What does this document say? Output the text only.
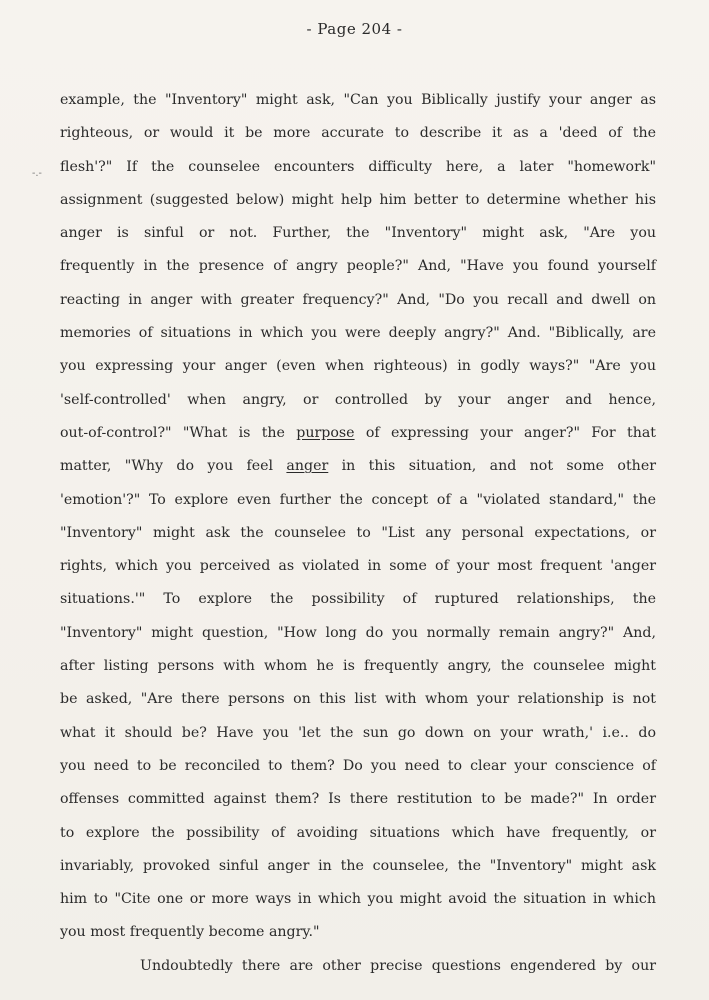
- Page 204 -
-.-
example, the "Inventory" might ask, "Can you Biblically justify your anger as
righteous, or would it be more accurate to describe it as a 'deed of the
flesh'?" If the counselee encounters difficulty here, a later "homework"
assignment (suggested below) might help him better to determine whether his
anger is sinful or not. Further, the "Inventory" might ask, "Are you
frequently in the presence of angry people?" And, "Have you found yourself
reacting in anger with greater frequency?" And, "Do you recall and dwell on
memories of situations in which you were deeply angry?" And. "Biblically, are
you expressing your anger (even when righteous) in godly ways?" "Are you
'self-controlled' when angry, or controlled by your anger and hence,
out-of-control?" "What is the purpose of expressing your anger?" For that
matter, "Why do you feel anger in this situation, and not some other
'emotion'?" To explore even further the concept of a "violated standard," the
"Inventory" might ask the counselee to "List any personal expectations, or
rights, which you perceived as violated in some of your most frequent 'anger
situations.'" To explore the possibility of ruptured relationships, the
"Inventory" might question, "How long do you normally remain angry?" And,
after listing persons with whom he is frequently angry, the counselee might
be asked, "Are there persons on this list with whom your relationship is not
what it should be? Have you 'let the sun go down on your wrath,' i.e.. do
you need to be reconciled to them? Do you need to clear your conscience of
offenses committed against them? Is there restitution to be made?" In order
to explore the possibility of avoiding situations which have frequently, or
invariably, provoked sinful anger in the counselee, the "Inventory" might ask
him to "Cite one or more ways in which you might avoid the situation in which
you most frequently become angry."
Undoubtedly there are other precise questions engendered by our
